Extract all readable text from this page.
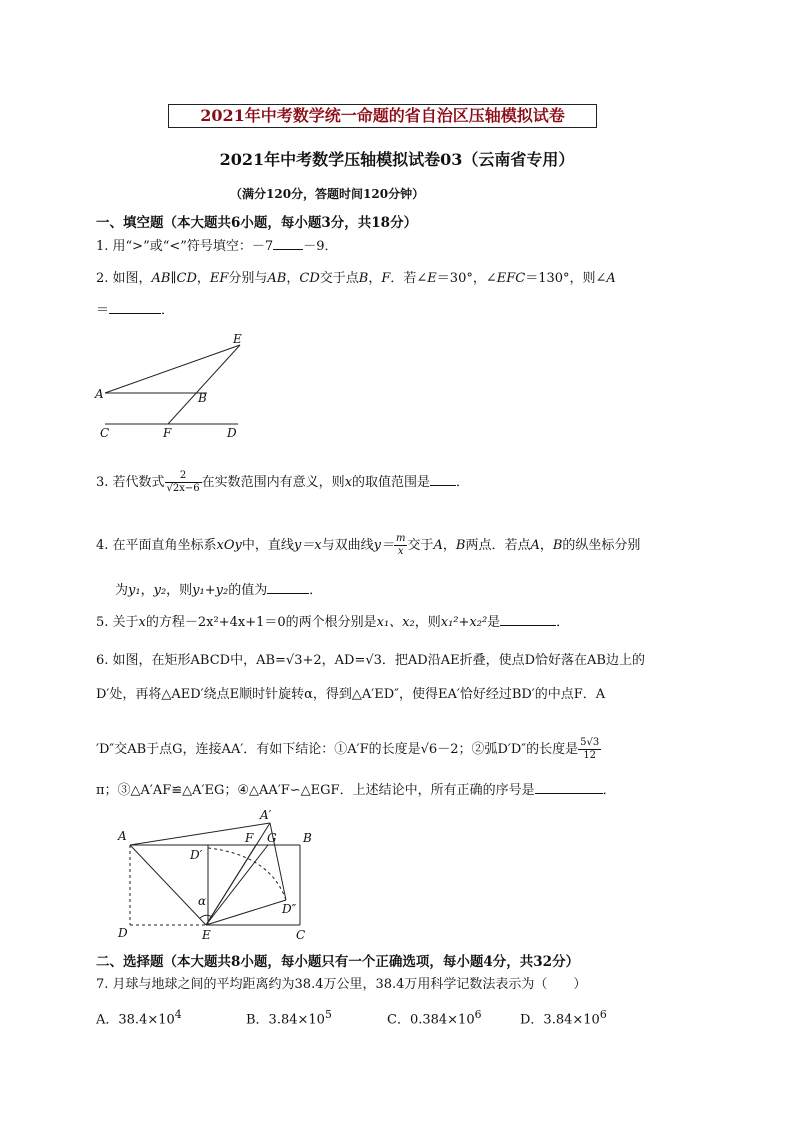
2021年中考数学统一命题的省自治区压轴模拟试卷
2021年中考数学压轴模拟试卷03（云南省专用）
（满分120分，答题时间120分钟）
一、填空题（本大题共6小题，每小题3分，共18分）
1. 用“>”或“<”符号填空：－7 －9．
2. 如图，AB∥CD，EF分别与AB，CD交于点B，F．若∠E＝30°，∠EFC＝130°，则∠A
＝	．
E
A	B
C	F	D
3. 若代数式 $\frac{2}{√2x-6}$ 在实数范围内有意义，则x的取值范围是 ．
4. 在平面直角坐标系xOy中，直线y＝x与双曲线$y= \frac{m}{x}$ 交于A，B两点．若点A，B的纵坐标分别
为y₁，y₂，则y₁+y₂的值为	．
5. 关于x的方程－2x²+4x+1＝0的两个根分别是x₁、x₂，则x₁²+x₂²是	．
6. 如图，在矩形ABCD中，AB=√3+2，AD=√3．把AD沿AE折叠，使点D恰好落在AB边上的
D′处，再将△AED′绕点E顺时针旋转α，得到△A′ED″，使得EA′恰好经过BD′的中点F．A
′D″交AB于点G，连接AA′．有如下结论：①A′F的长度是√6－2；②弧D′D″的长度是 $\frac{5√3}{12}$
π；③△A′AF≌△A′EG；④△AA′F∽△EGF．上述结论中，所有正确的序号是	．
A
A′
F G B
D′
α
D″
D	E	C
二、选择题（本大题共8小题，每小题只有一个正确选项，每小题4分，共32分）
7. 月球与地球之间的平均距离约为38.4万公里，38.4万用科学记数法表示为（　　）
A．$38.4\times 10^4$	B．$3.84\times 10^5$	C．$0.384\times 10^6$	D．$3.84\times 10^6$
